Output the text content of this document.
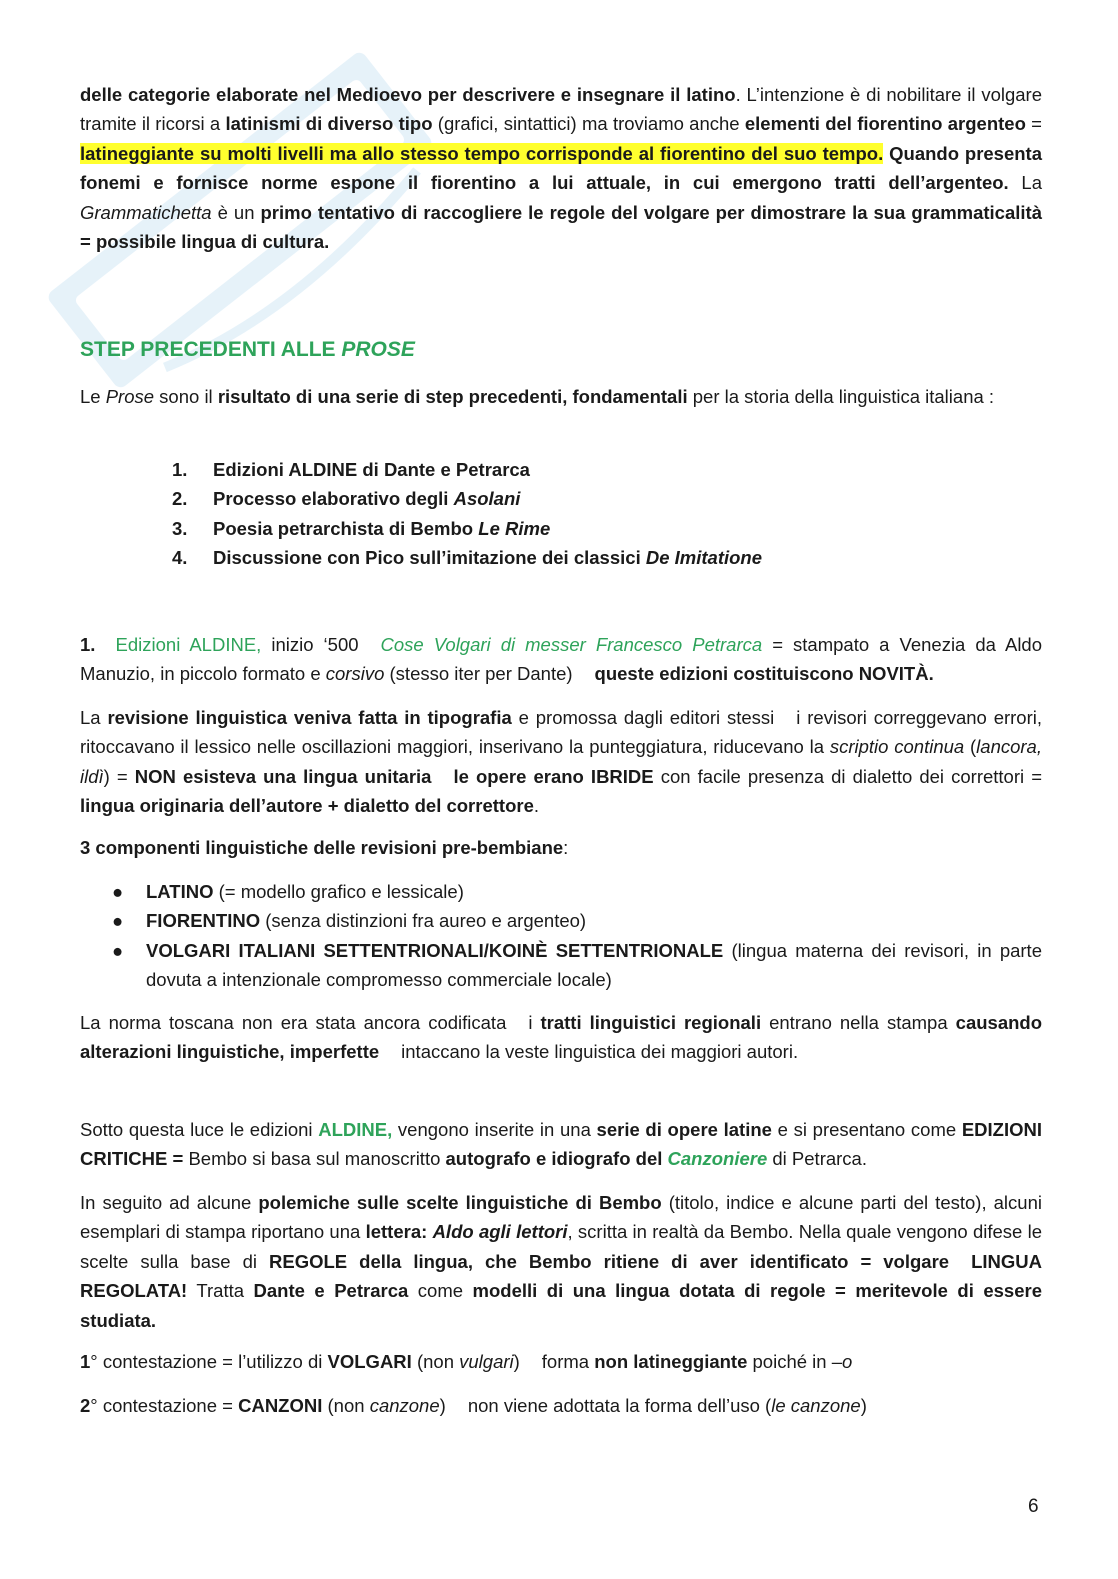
delle categorie elaborate nel Medioevo per descrivere e insegnare il latino. L’intenzione è di nobilitare il volgare tramite il ricorsi a latinismi di diverso tipo (grafici, sintattici) ma troviamo anche elementi del fiorentino argenteo = latineggiante su molti livelli ma allo stesso tempo corrisponde al fiorentino del suo tempo. Quando presenta fonemi e fornisce norme espone il fiorentino a lui attuale, in cui emergono tratti dell’argenteo. La Grammatichetta è un primo tentativo di raccogliere le regole del volgare per dimostrare la sua grammaticalità = possibile lingua di cultura.

STEP PRECEDENTI ALLE PROSE

Le Prose sono il risultato di una serie di step precedenti, fondamentali per la storia della linguistica italiana :

1. Edizioni ALDINE di Dante e Petrarca
2. Processo elaborativo degli Asolani
3. Poesia petrarchista di Bembo Le Rime
4. Discussione con Pico sull’imitazione dei classici De Imitatione

1. Edizioni ALDINE, inizio ‘500 Cose Volgari di messer Francesco Petrarca = stampato a Venezia da Aldo Manuzio, in piccolo formato e corsivo (stesso iter per Dante) queste edizioni costituiscono NOVITÀ.

La revisione linguistica veniva fatta in tipografia e promossa dagli editori stessi i revisori correggevano errori, ritoccavano il lessico nelle oscillazioni maggiori, inserivano la punteggiatura, riducevano la scriptio continua (lancora, ildì) = NON esisteva una lingua unitaria le opere erano IBRIDE con facile presenza di dialetto dei correttori = lingua originaria dell’autore + dialetto del correttore.

3 componenti linguistiche delle revisioni pre-bembiane:

● LATINO (= modello grafico e lessicale)
● FIORENTINO (senza distinzioni fra aureo e argenteo)
● VOLGARI ITALIANI SETTENTRIONALI/KOINÈ SETTENTRIONALE (lingua materna dei revisori, in parte dovuta a intenzionale compromesso commerciale locale)

La norma toscana non era stata ancora codificata i tratti linguistici regionali entrano nella stampa causando alterazioni linguistiche, imperfette intaccano la veste linguistica dei maggiori autori.

Sotto questa luce le edizioni ALDINE, vengono inserite in una serie di opere latine e si presentano come EDIZIONI CRITICHE = Bembo si basa sul manoscritto autografo e idiografo del Canzoniere di Petrarca.

In seguito ad alcune polemiche sulle scelte linguistiche di Bembo (titolo, indice e alcune parti del testo), alcuni esemplari di stampa riportano una lettera: Aldo agli lettori, scritta in realtà da Bembo. Nella quale vengono difese le scelte sulla base di REGOLE della lingua, che Bembo ritiene di aver identificato = volgare LINGUA REGOLATA! Tratta Dante e Petrarca come modelli di una lingua dotata di regole = meritevole di essere studiata.

1° contestazione = l’utilizzo di VOLGARI (non vulgari) forma non latineggiante poiché in –o

2° contestazione = CANZONI (non canzone) non viene adottata la forma dell’uso (le canzone)

6
